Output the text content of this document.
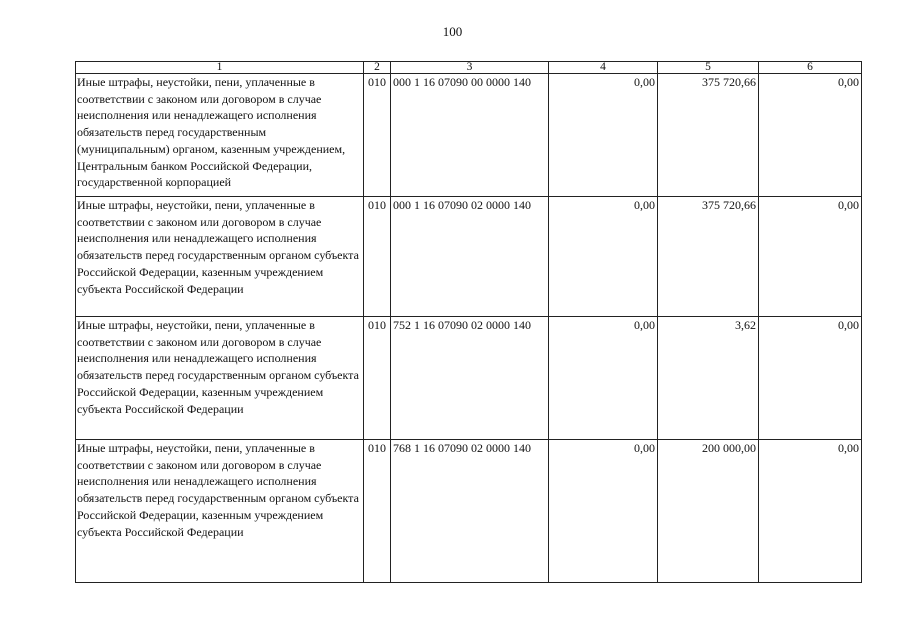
100
1	2	3	4	5	6
Иные штрафы, неустойки, пени, уплаченные в соответствии с законом или договором в случае неисполнения или ненадлежащего исполнения обязательств перед государственным (муниципальным) органом, казенным учреждением, Центральным банком Российской Федерации, государственной корпорацией	010	000 1 16 07090 00 0000 140	0,00	375 720,66	0,00
Иные штрафы, неустойки, пени, уплаченные в соответствии с законом или договором в случае неисполнения или ненадлежащего исполнения обязательств перед государственным органом субъекта Российской Федерации, казенным учреждением субъекта Российской Федерации	010	000 1 16 07090 02 0000 140	0,00	375 720,66	0,00
Иные штрафы, неустойки, пени, уплаченные в соответствии с законом или договором в случае неисполнения или ненадлежащего исполнения обязательств перед государственным органом субъекта Российской Федерации, казенным учреждением субъекта Российской Федерации	010	752 1 16 07090 02 0000 140	0,00	3,62	0,00
Иные штрафы, неустойки, пени, уплаченные в соответствии с законом или договором в случае неисполнения или ненадлежащего исполнения обязательств перед государственным органом субъекта Российской Федерации, казенным учреждением субъекта Российской Федерации	010	768 1 16 07090 02 0000 140	0,00	200 000,00	0,00
